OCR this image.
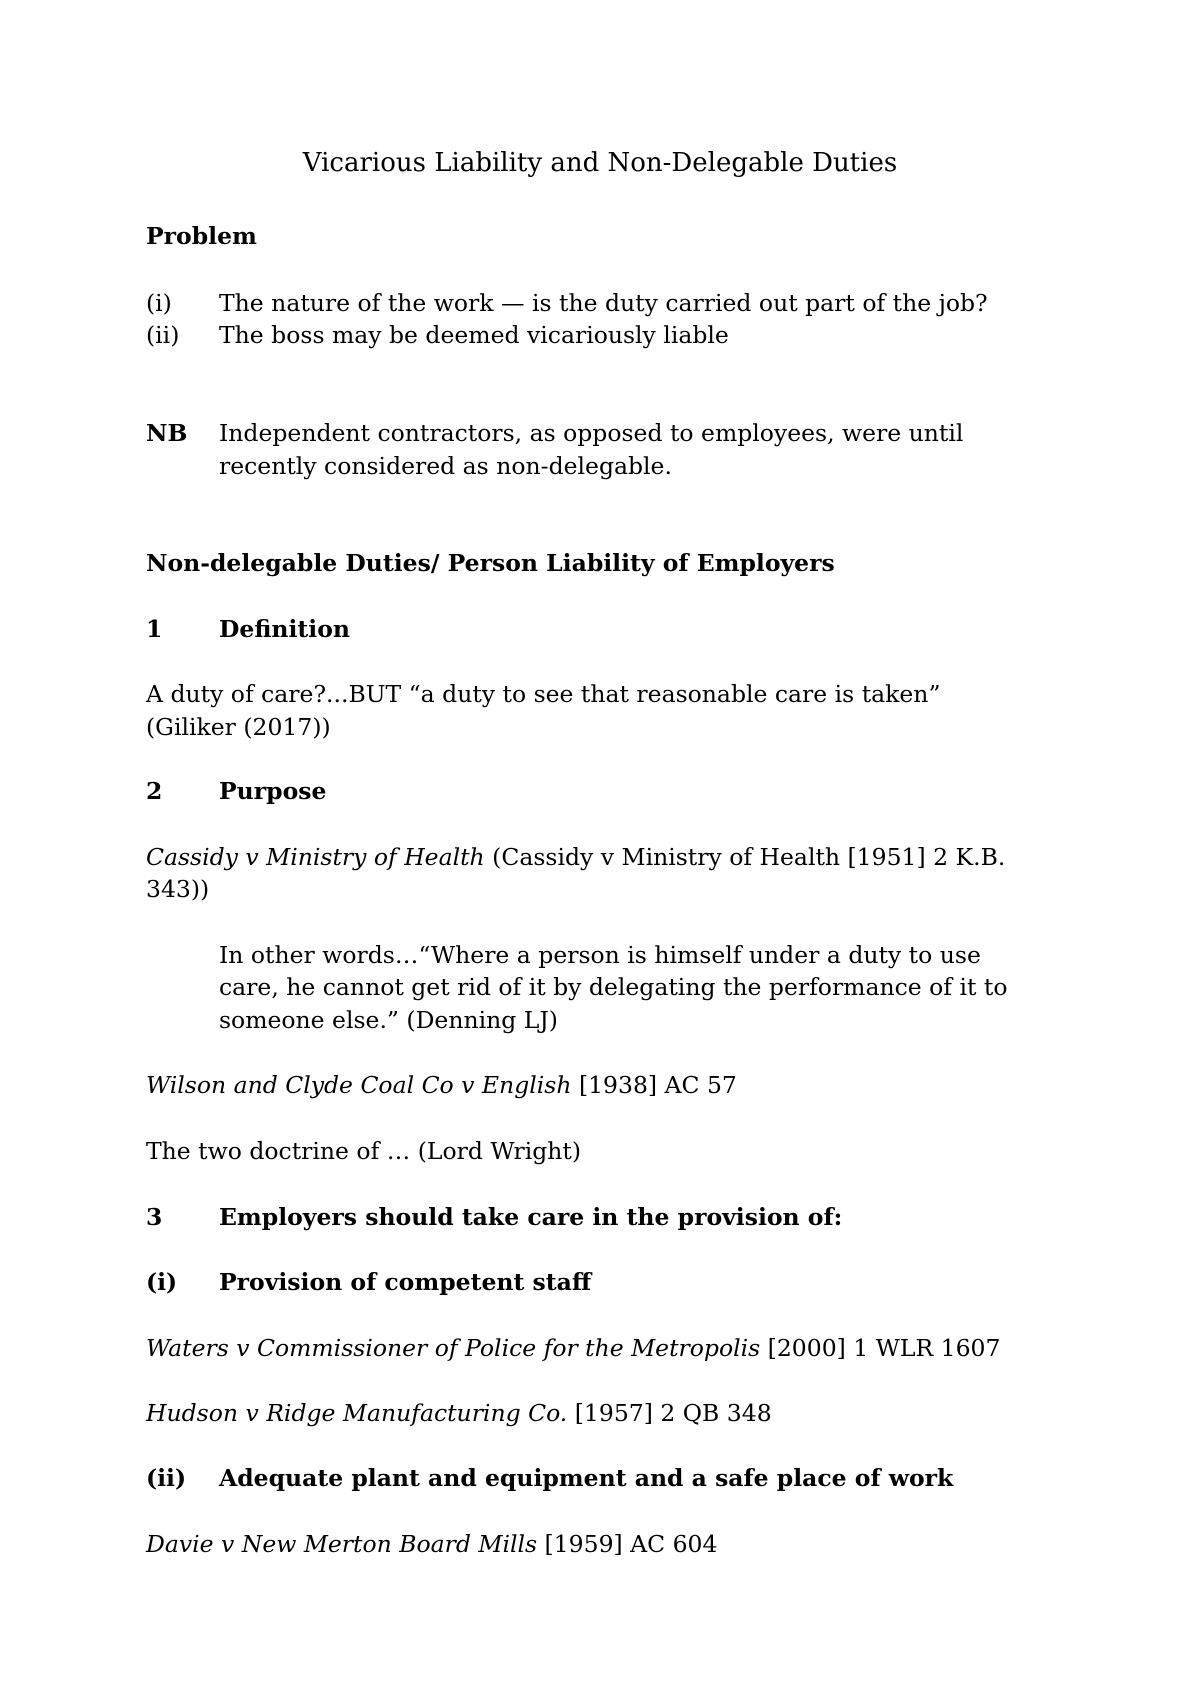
Vicarious Liability and Non-Delegable Duties
Problem
(i) The nature of the work — is the duty carried out part of the job?
(ii) The boss may be deemed vicariously liable
NB Independent contractors, as opposed to employees, were until
recently considered as non-delegable.
Non-delegable Duties/ Person Liability of Employers
1 Definition
A duty of care?...BUT “a duty to see that reasonable care is taken”
(Giliker (2017))
2 Purpose
Cassidy v Ministry of Health (Cassidy v Ministry of Health [1951] 2 K.B.
343))
In other words…“Where a person is himself under a duty to use
care, he cannot get rid of it by delegating the performance of it to
someone else.” (Denning LJ)
Wilson and Clyde Coal Co v English [1938] AC 57
The two doctrine of … (Lord Wright)
3 Employers should take care in the provision of:
(i) Provision of competent staff
Waters v Commissioner of Police for the Metropolis [2000] 1 WLR 1607
Hudson v Ridge Manufacturing Co. [1957] 2 QB 348
(ii) Adequate plant and equipment and a safe place of work
Davie v New Merton Board Mills [1959] AC 604
